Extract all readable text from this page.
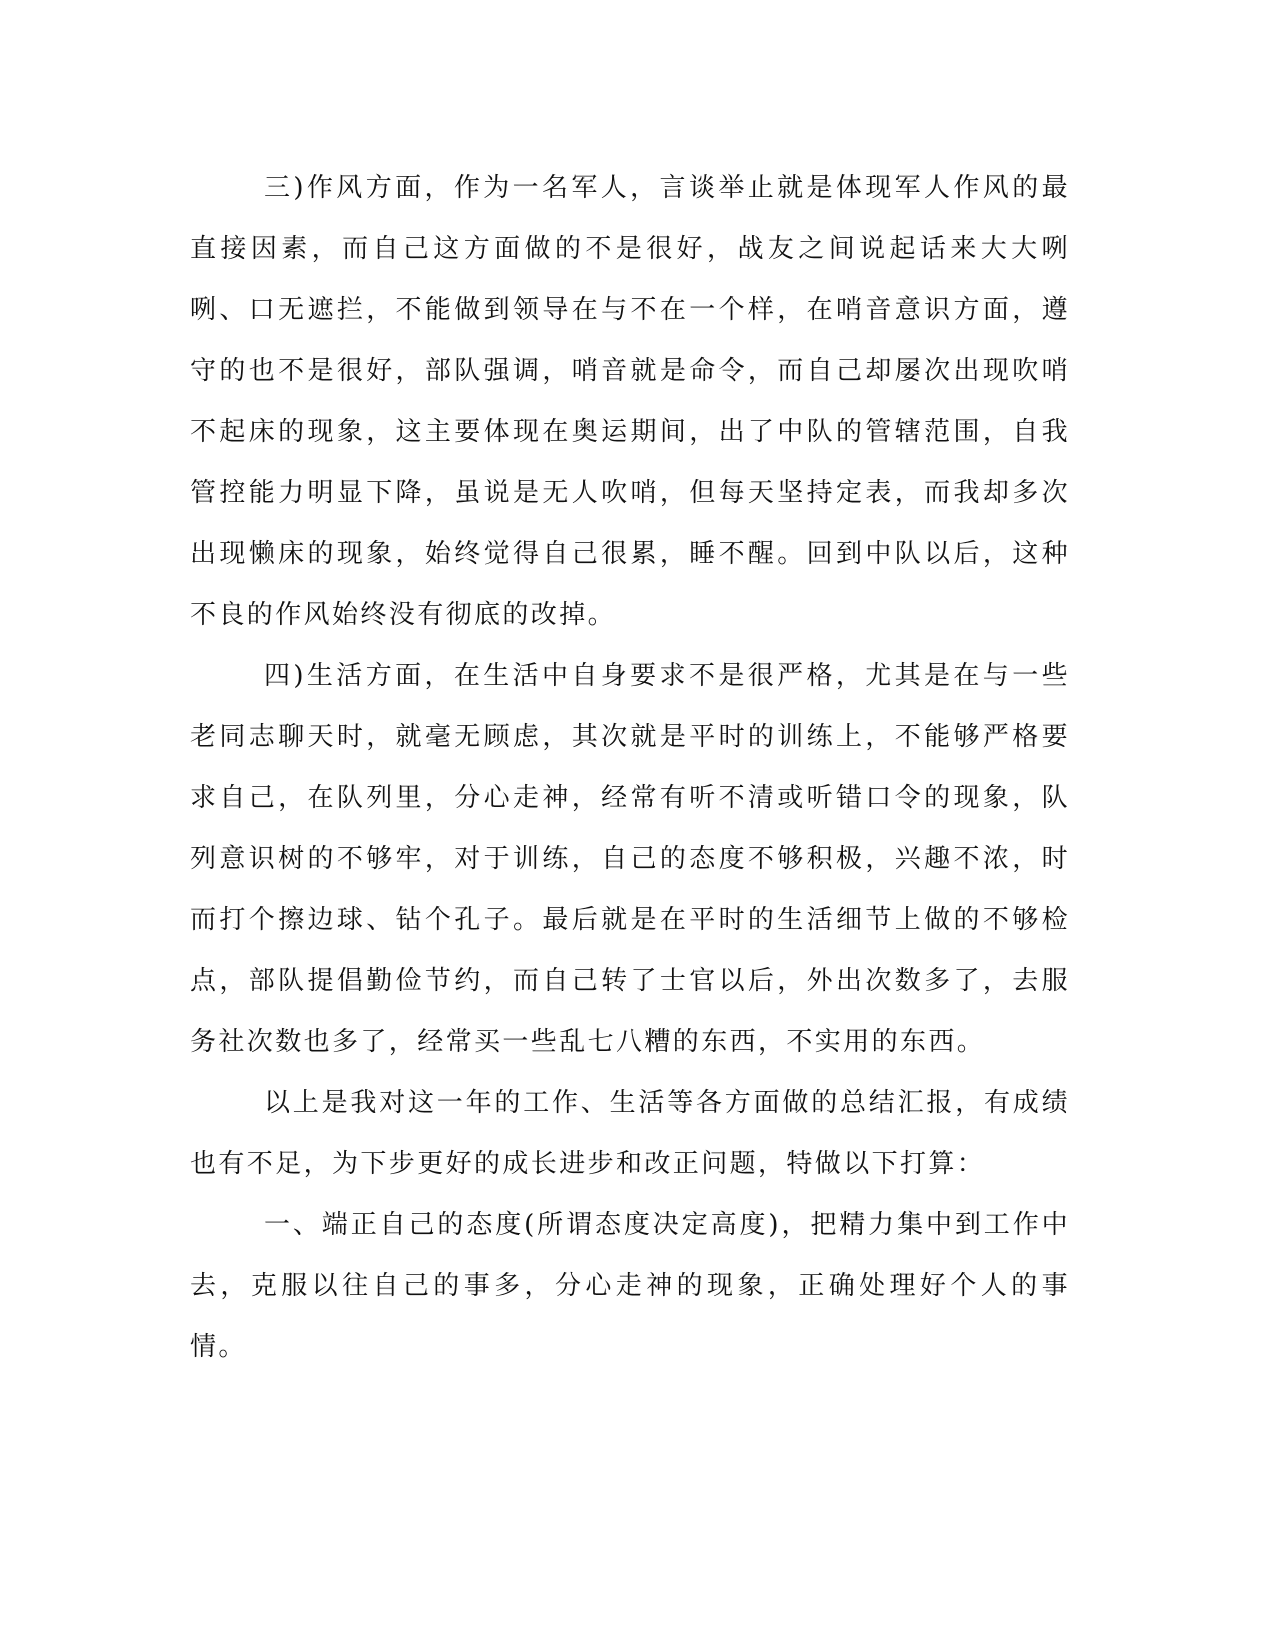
三)作风方面，作为一名军人，言谈举止就是体现军人作风的最直接因素，而自己这方面做的不是很好，战友之间说起话来大大咧咧、口无遮拦，不能做到领导在与不在一个样，在哨音意识方面，遵守的也不是很好，部队强调，哨音就是命令，而自己却屡次出现吹哨不起床的现象，这主要体现在奥运期间，出了中队的管辖范围，自我管控能力明显下降，虽说是无人吹哨，但每天坚持定表，而我却多次出现懒床的现象，始终觉得自己很累，睡不醒。回到中队以后，这种不良的作风始终没有彻底的改掉。

四)生活方面，在生活中自身要求不是很严格，尤其是在与一些老同志聊天时，就毫无顾虑，其次就是平时的训练上，不能够严格要求自己，在队列里，分心走神，经常有听不清或听错口令的现象，队列意识树的不够牢，对于训练，自己的态度不够积极，兴趣不浓，时而打个擦边球、钻个孔子。最后就是在平时的生活细节上做的不够检点，部队提倡勤俭节约，而自己转了士官以后，外出次数多了，去服务社次数也多了，经常买一些乱七八糟的东西，不实用的东西。

以上是我对这一年的工作、生活等各方面做的总结汇报，有成绩也有不足，为下步更好的成长进步和改正问题，特做以下打算：

一、端正自己的态度(所谓态度决定高度)，把精力集中到工作中去，克服以往自己的事多，分心走神的现象，正确处理好个人的事情。
